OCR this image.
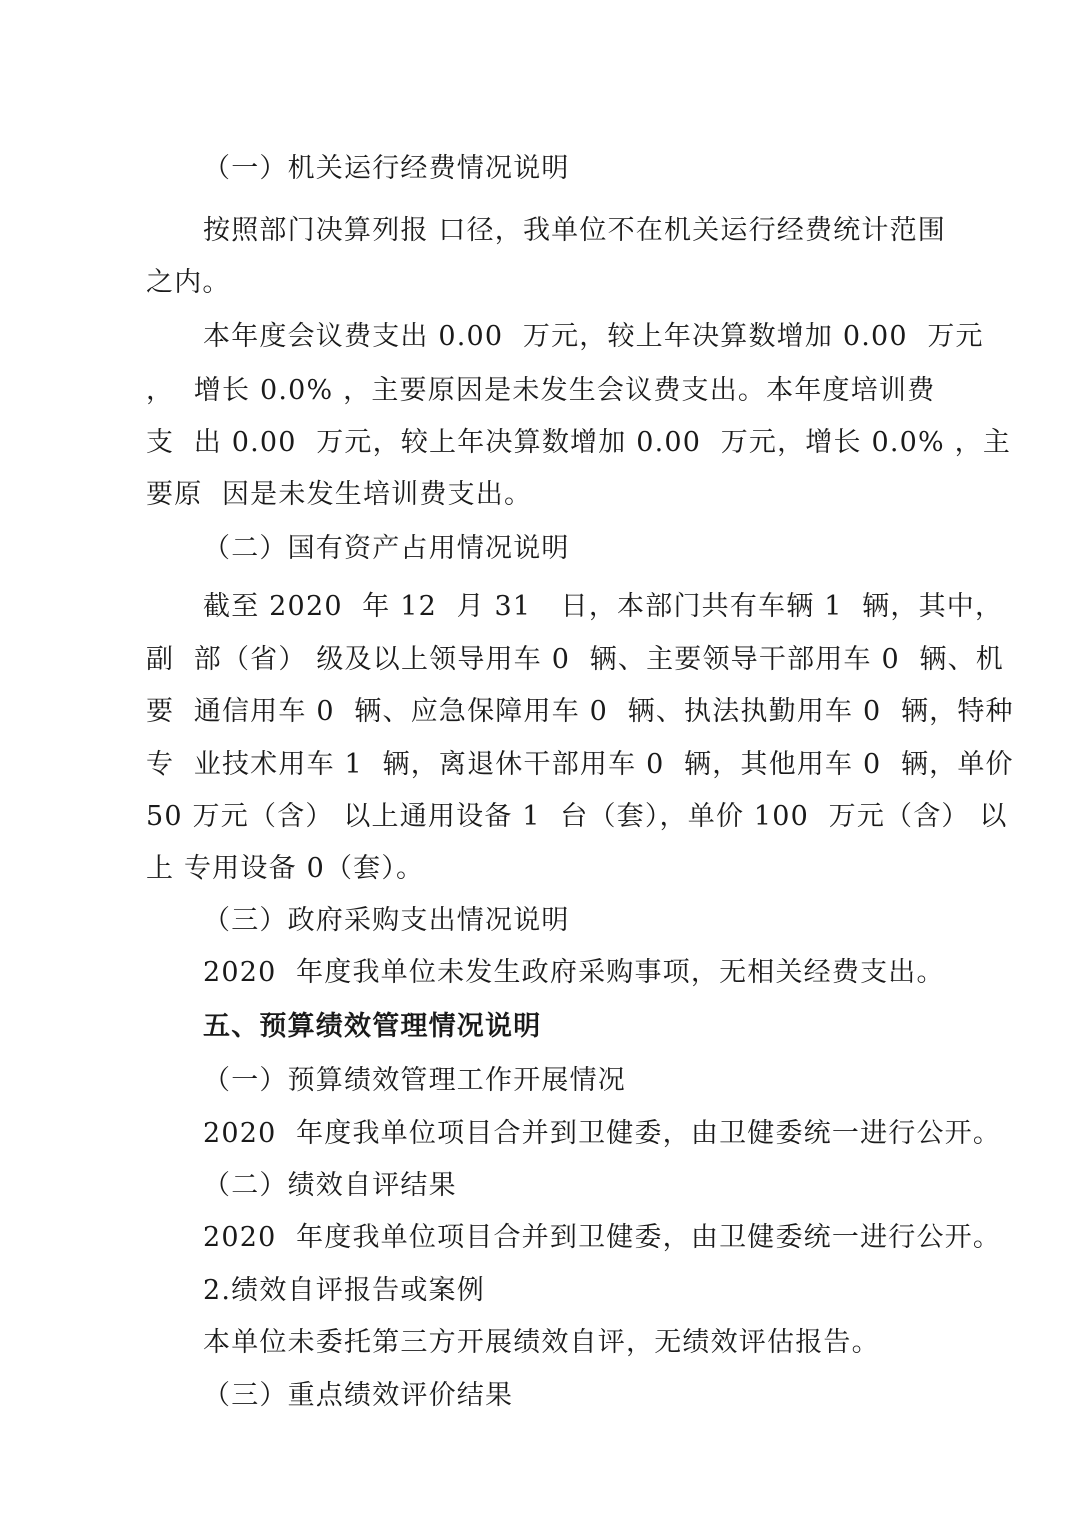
（一）机关运行经费情况说明
按照部门决算列报 口径，我单位不在机关运行经费统计范围
之内。
本年度会议费支出 0.00  万元，较上年决算数增加 0.00  万元
，  增长 0.0% ，主要原因是未发生会议费支出。本年度培训费
支  出 0.00  万元，较上年决算数增加 0.00  万元，增长 0.0% ，主
要原  因是未发生培训费支出。
（二）国有资产占用情况说明
截至 2020  年 12  月 31   日，本部门共有车辆 1  辆，其中，
副  部（省） 级及以上领导用车 0  辆、主要领导干部用车 0  辆、机
要  通信用车 0  辆、应急保障用车 0  辆、执法执勤用车 0  辆，特种
专  业技术用车 1  辆，离退休干部用车 0  辆，其他用车 0  辆，单价
50 万元（含） 以上通用设备 1  台（套），单价 100  万元（含） 以
上 专用设备 0（套）。
（三）政府采购支出情况说明
2020  年度我单位未发生政府采购事项，无相关经费支出。
五、预算绩效管理情况说明
（一）预算绩效管理工作开展情况
2020  年度我单位项目合并到卫健委，由卫健委统一进行公开。
（二）绩效自评结果
2020  年度我单位项目合并到卫健委，由卫健委统一进行公开。
2.绩效自评报告或案例
本单位未委托第三方开展绩效自评，无绩效评估报告。
（三）重点绩效评价结果
